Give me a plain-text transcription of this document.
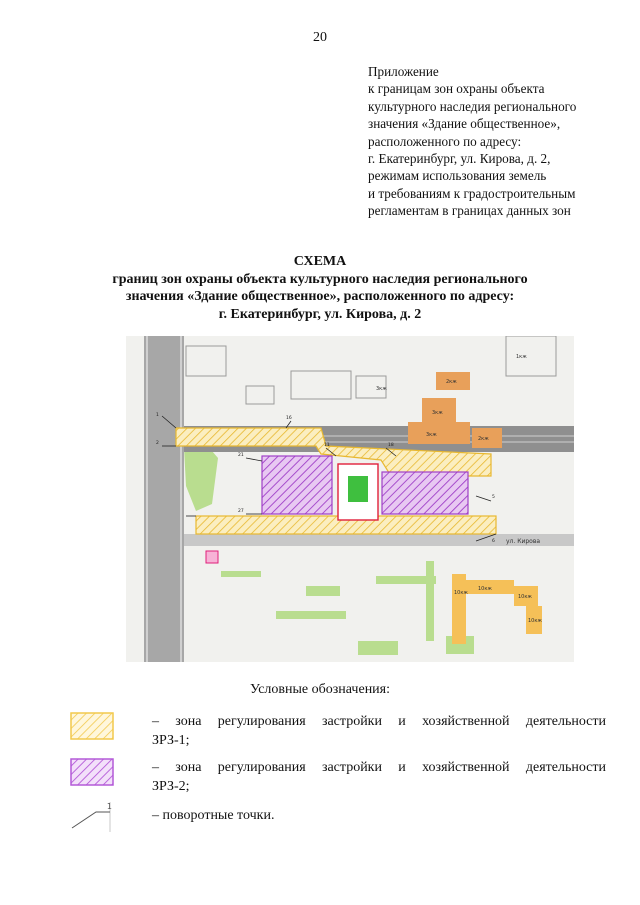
20
Приложение
к границам зон охраны объекта
культурного наследия регионального
значения «Здание общественное»,
расположенного по адресу:
г. Екатеринбург, ул. Кирова, д. 2,
режимам использования земель
и требованиям к градостроительным
регламентам в границах данных зон
СХЕМА
границ зон охраны объекта культурного наследия регионального
значения «Здание общественное», расположенного по адресу:
г. Екатеринбург, ул. Кирова, д. 2
ул. Кирова
2кж
3кж
3кж
2кж
10кж
10кж
10кж
10кж
1кж
3кж
1
2
21
27
11	18
5
6
16
Условные обозначения:
– зона регулирования застройки и хозяйственной деятельности
ЗРЗ-1;
– зона регулирования застройки и хозяйственной деятельности
ЗРЗ-2;
1
– поворотные точки.
